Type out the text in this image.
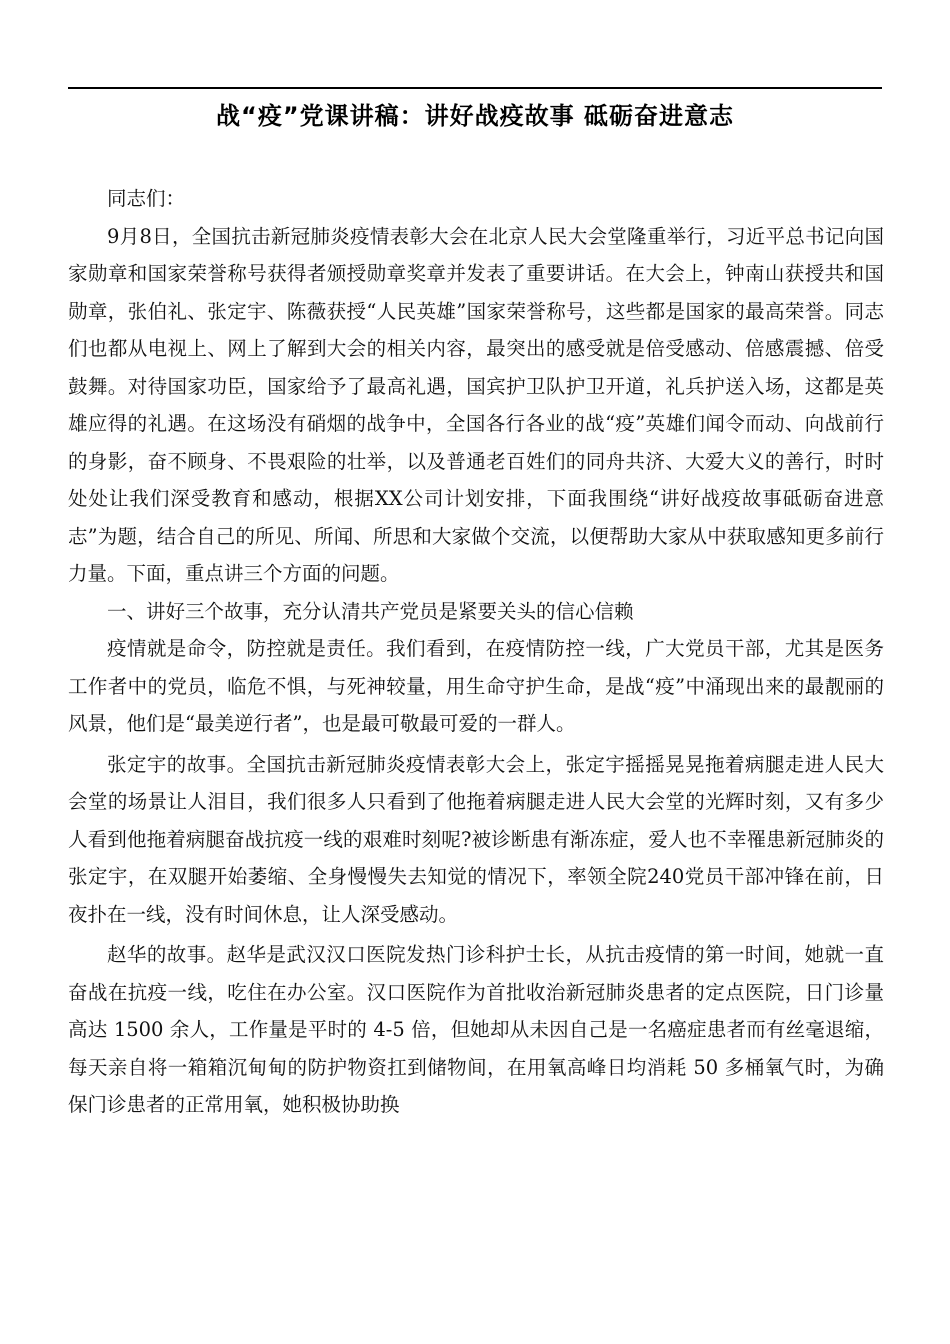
战“疫”党课讲稿：讲好战疫故事 砥砺奋进意志

同志们：

9月8日，全国抗击新冠肺炎疫情表彰大会在北京人民大会堂隆重举行，习近平总书记向国家勋章和国家荣誉称号获得者颁授勋章奖章并发表了重要讲话。在大会上，钟南山获授共和国勋章，张伯礼、张定宇、陈薇获授“人民英雄”国家荣誉称号，这些都是国家的最高荣誉。同志们也都从电视上、网上了解到大会的相关内容，最突出的感受就是倍受感动、倍感震撼、倍受鼓舞。对待国家功臣，国家给予了最高礼遇，国宾护卫队护卫开道，礼兵护送入场，这都是英雄应得的礼遇。在这场没有硝烟的战争中，全国各行各业的战“疫”英雄们闻令而动、向战前行的身影，奋不顾身、不畏艰险的壮举，以及普通老百姓们的同舟共济、大爱大义的善行，时时处处让我们深受教育和感动，根据XX公司计划安排，下面我围绕“讲好战疫故事砥砺奋进意志”为题，结合自己的所见、所闻、所思和大家做个交流，以便帮助大家从中获取感知更多前行力量。下面，重点讲三个方面的问题。

一、讲好三个故事，充分认清共产党员是紧要关头的信心信赖

疫情就是命令，防控就是责任。我们看到，在疫情防控一线，广大党员干部，尤其是医务工作者中的党员，临危不惧，与死神较量，用生命守护生命，是战“疫”中涌现出来的最靓丽的风景，他们是“最美逆行者”，也是最可敬最可爱的一群人。

张定宇的故事。全国抗击新冠肺炎疫情表彰大会上，张定宇摇摇晃晃拖着病腿走进人民大会堂的场景让人泪目，我们很多人只看到了他拖着病腿走进人民大会堂的光辉时刻，又有多少人看到他拖着病腿奋战抗疫一线的艰难时刻呢?被诊断患有渐冻症，爱人也不幸罹患新冠肺炎的张定宇，在双腿开始萎缩、全身慢慢失去知觉的情况下，率领全院240党员干部冲锋在前，日夜扑在一线，没有时间休息，让人深受感动。

赵华的故事。赵华是武汉汉口医院发热门诊科护士长，从抗击疫情的第一时间，她就一直奋战在抗疫一线，吃住在办公室。汉口医院作为首批收治新冠肺炎患者的定点医院，日门诊量高达 1500 余人，工作量是平时的 4-5 倍，但她却从未因自己是一名癌症患者而有丝毫退缩，每天亲自将一箱箱沉甸甸的防护物资扛到储物间，在用氧高峰日均消耗 50 多桶氧气时，为确保门诊患者的正常用氧，她积极协助换
